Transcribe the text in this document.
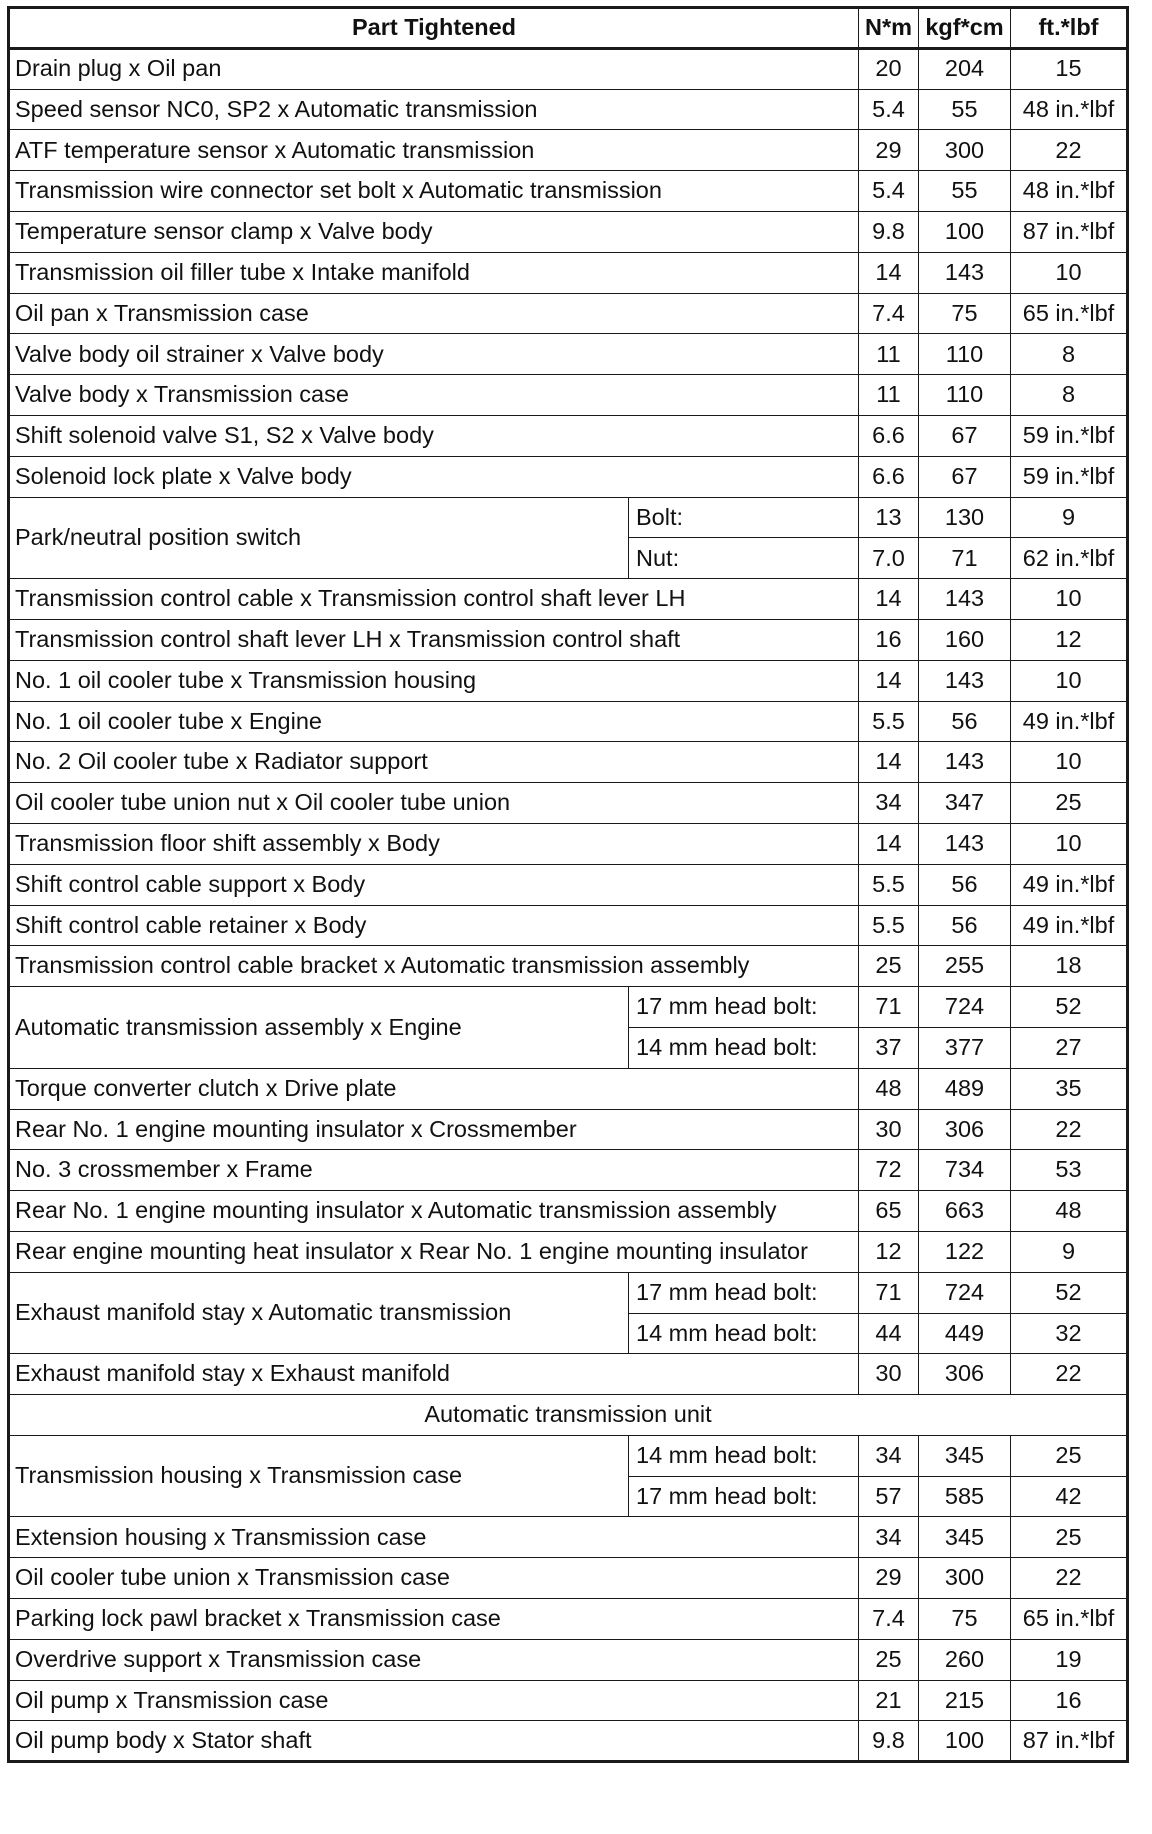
Part Tightened		N*m	kgf*cm	ft.*lbf
Drain plug x Oil pan		20	204	15
Speed sensor NC0, SP2 x Automatic transmission		5.4	55	48 in.*lbf
ATF temperature sensor x Automatic transmission		29	300	22
Transmission wire connector set bolt x Automatic transmission		5.4	55	48 in.*lbf
Temperature sensor clamp x Valve body		9.8	100	87 in.*lbf
Transmission oil filler tube x Intake manifold		14	143	10
Oil pan x Transmission case		7.4	75	65 in.*lbf
Valve body oil strainer x Valve body		11	110	8
Valve body x Transmission case		11	110	8
Shift solenoid valve S1, S2 x Valve body		6.6	67	59 in.*lbf
Solenoid lock plate x Valve body		6.6	67	59 in.*lbf
Park/neutral position switch	Bolt:	13	130	9
	Nut:	7.0	71	62 in.*lbf
Transmission control cable x Transmission control shaft lever LH		14	143	10
Transmission control shaft lever LH x Transmission control shaft		16	160	12
No. 1 oil cooler tube x Transmission housing		14	143	10
No. 1 oil cooler tube x Engine		5.5	56	49 in.*lbf
No. 2 Oil cooler tube x Radiator support		14	143	10
Oil cooler tube union nut x Oil cooler tube union		34	347	25
Transmission floor shift assembly x Body		14	143	10
Shift control cable support x Body		5.5	56	49 in.*lbf
Shift control cable retainer x Body		5.5	56	49 in.*lbf
Transmission control cable bracket x Automatic transmission assembly		25	255	18
Automatic transmission assembly x Engine	17 mm head bolt:	71	724	52
	14 mm head bolt:	37	377	27
Torque converter clutch x Drive plate		48	489	35
Rear No. 1 engine mounting insulator x Crossmember		30	306	22
No. 3 crossmember x Frame		72	734	53
Rear No. 1 engine mounting insulator x Automatic transmission assembly		65	663	48
Rear engine mounting heat insulator x Rear No. 1 engine mounting insulator		12	122	9
Exhaust manifold stay x Automatic transmission	17 mm head bolt:	71	724	52
	14 mm head bolt:	44	449	32
Exhaust manifold stay x Exhaust manifold		30	306	22
Automatic transmission unit				
Transmission housing x Transmission case	14 mm head bolt:	34	345	25
	17 mm head bolt:	57	585	42
Extension housing x Transmission case		34	345	25
Oil cooler tube union x Transmission case		29	300	22
Parking lock pawl bracket x Transmission case		7.4	75	65 in.*lbf
Overdrive support x Transmission case		25	260	19
Oil pump x Transmission case		21	215	16
Oil pump body x Stator shaft		9.8	100	87 in.*lbf
